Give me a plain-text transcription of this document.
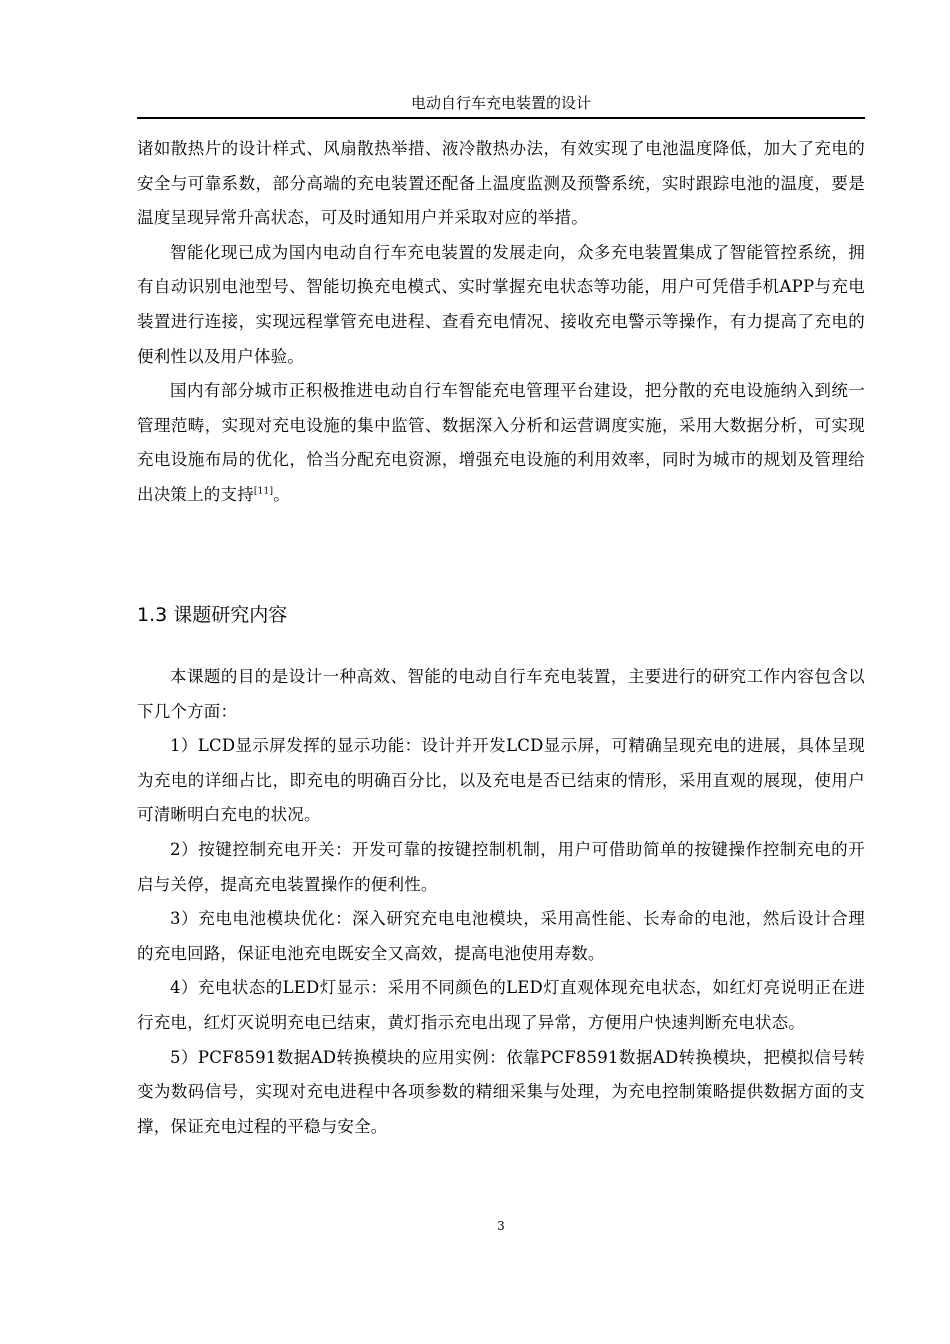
电动自行车充电装置的设计

诸如散热片的设计样式、风扇散热举措、液冷散热办法，有效实现了电池温度降低，加大了充电的安全与可靠系数，部分高端的充电装置还配备上温度监测及预警系统，实时跟踪电池的温度，要是温度呈现异常升高状态，可及时通知用户并采取对应的举措。

智能化现已成为国内电动自行车充电装置的发展走向，众多充电装置集成了智能管控系统，拥有自动识别电池型号、智能切换充电模式、实时掌握充电状态等功能，用户可凭借手机APP与充电装置进行连接，实现远程掌管充电进程、查看充电情况、接收充电警示等操作，有力提高了充电的便利性以及用户体验。

国内有部分城市正积极推进电动自行车智能充电管理平台建设，把分散的充电设施纳入到统一管理范畴，实现对充电设施的集中监管、数据深入分析和运营调度实施，采用大数据分析，可实现充电设施布局的优化，恰当分配充电资源，增强充电设施的利用效率，同时为城市的规划及管理给出决策上的支持[11]。

1.3 课题研究内容

本课题的目的是设计一种高效、智能的电动自行车充电装置，主要进行的研究工作内容包含以下几个方面：

1）LCD显示屏发挥的显示功能：设计并开发LCD显示屏，可精确呈现充电的进展，具体呈现为充电的详细占比，即充电的明确百分比，以及充电是否已结束的情形，采用直观的展现，使用户可清晰明白充电的状况。

2）按键控制充电开关：开发可靠的按键控制机制，用户可借助简单的按键操作控制充电的开启与关停，提高充电装置操作的便利性。

3）充电电池模块优化：深入研究充电电池模块，采用高性能、长寿命的电池，然后设计合理的充电回路，保证电池充电既安全又高效，提高电池使用寿数。

4）充电状态的LED灯显示：采用不同颜色的LED灯直观体现充电状态，如红灯亮说明正在进行充电，红灯灭说明充电已结束，黄灯指示充电出现了异常，方便用户快速判断充电状态。

5）PCF8591数据AD转换模块的应用实例：依靠PCF8591数据AD转换模块，把模拟信号转变为数码信号，实现对充电进程中各项参数的精细采集与处理，为充电控制策略提供数据方面的支撑，保证充电过程的平稳与安全。

3
